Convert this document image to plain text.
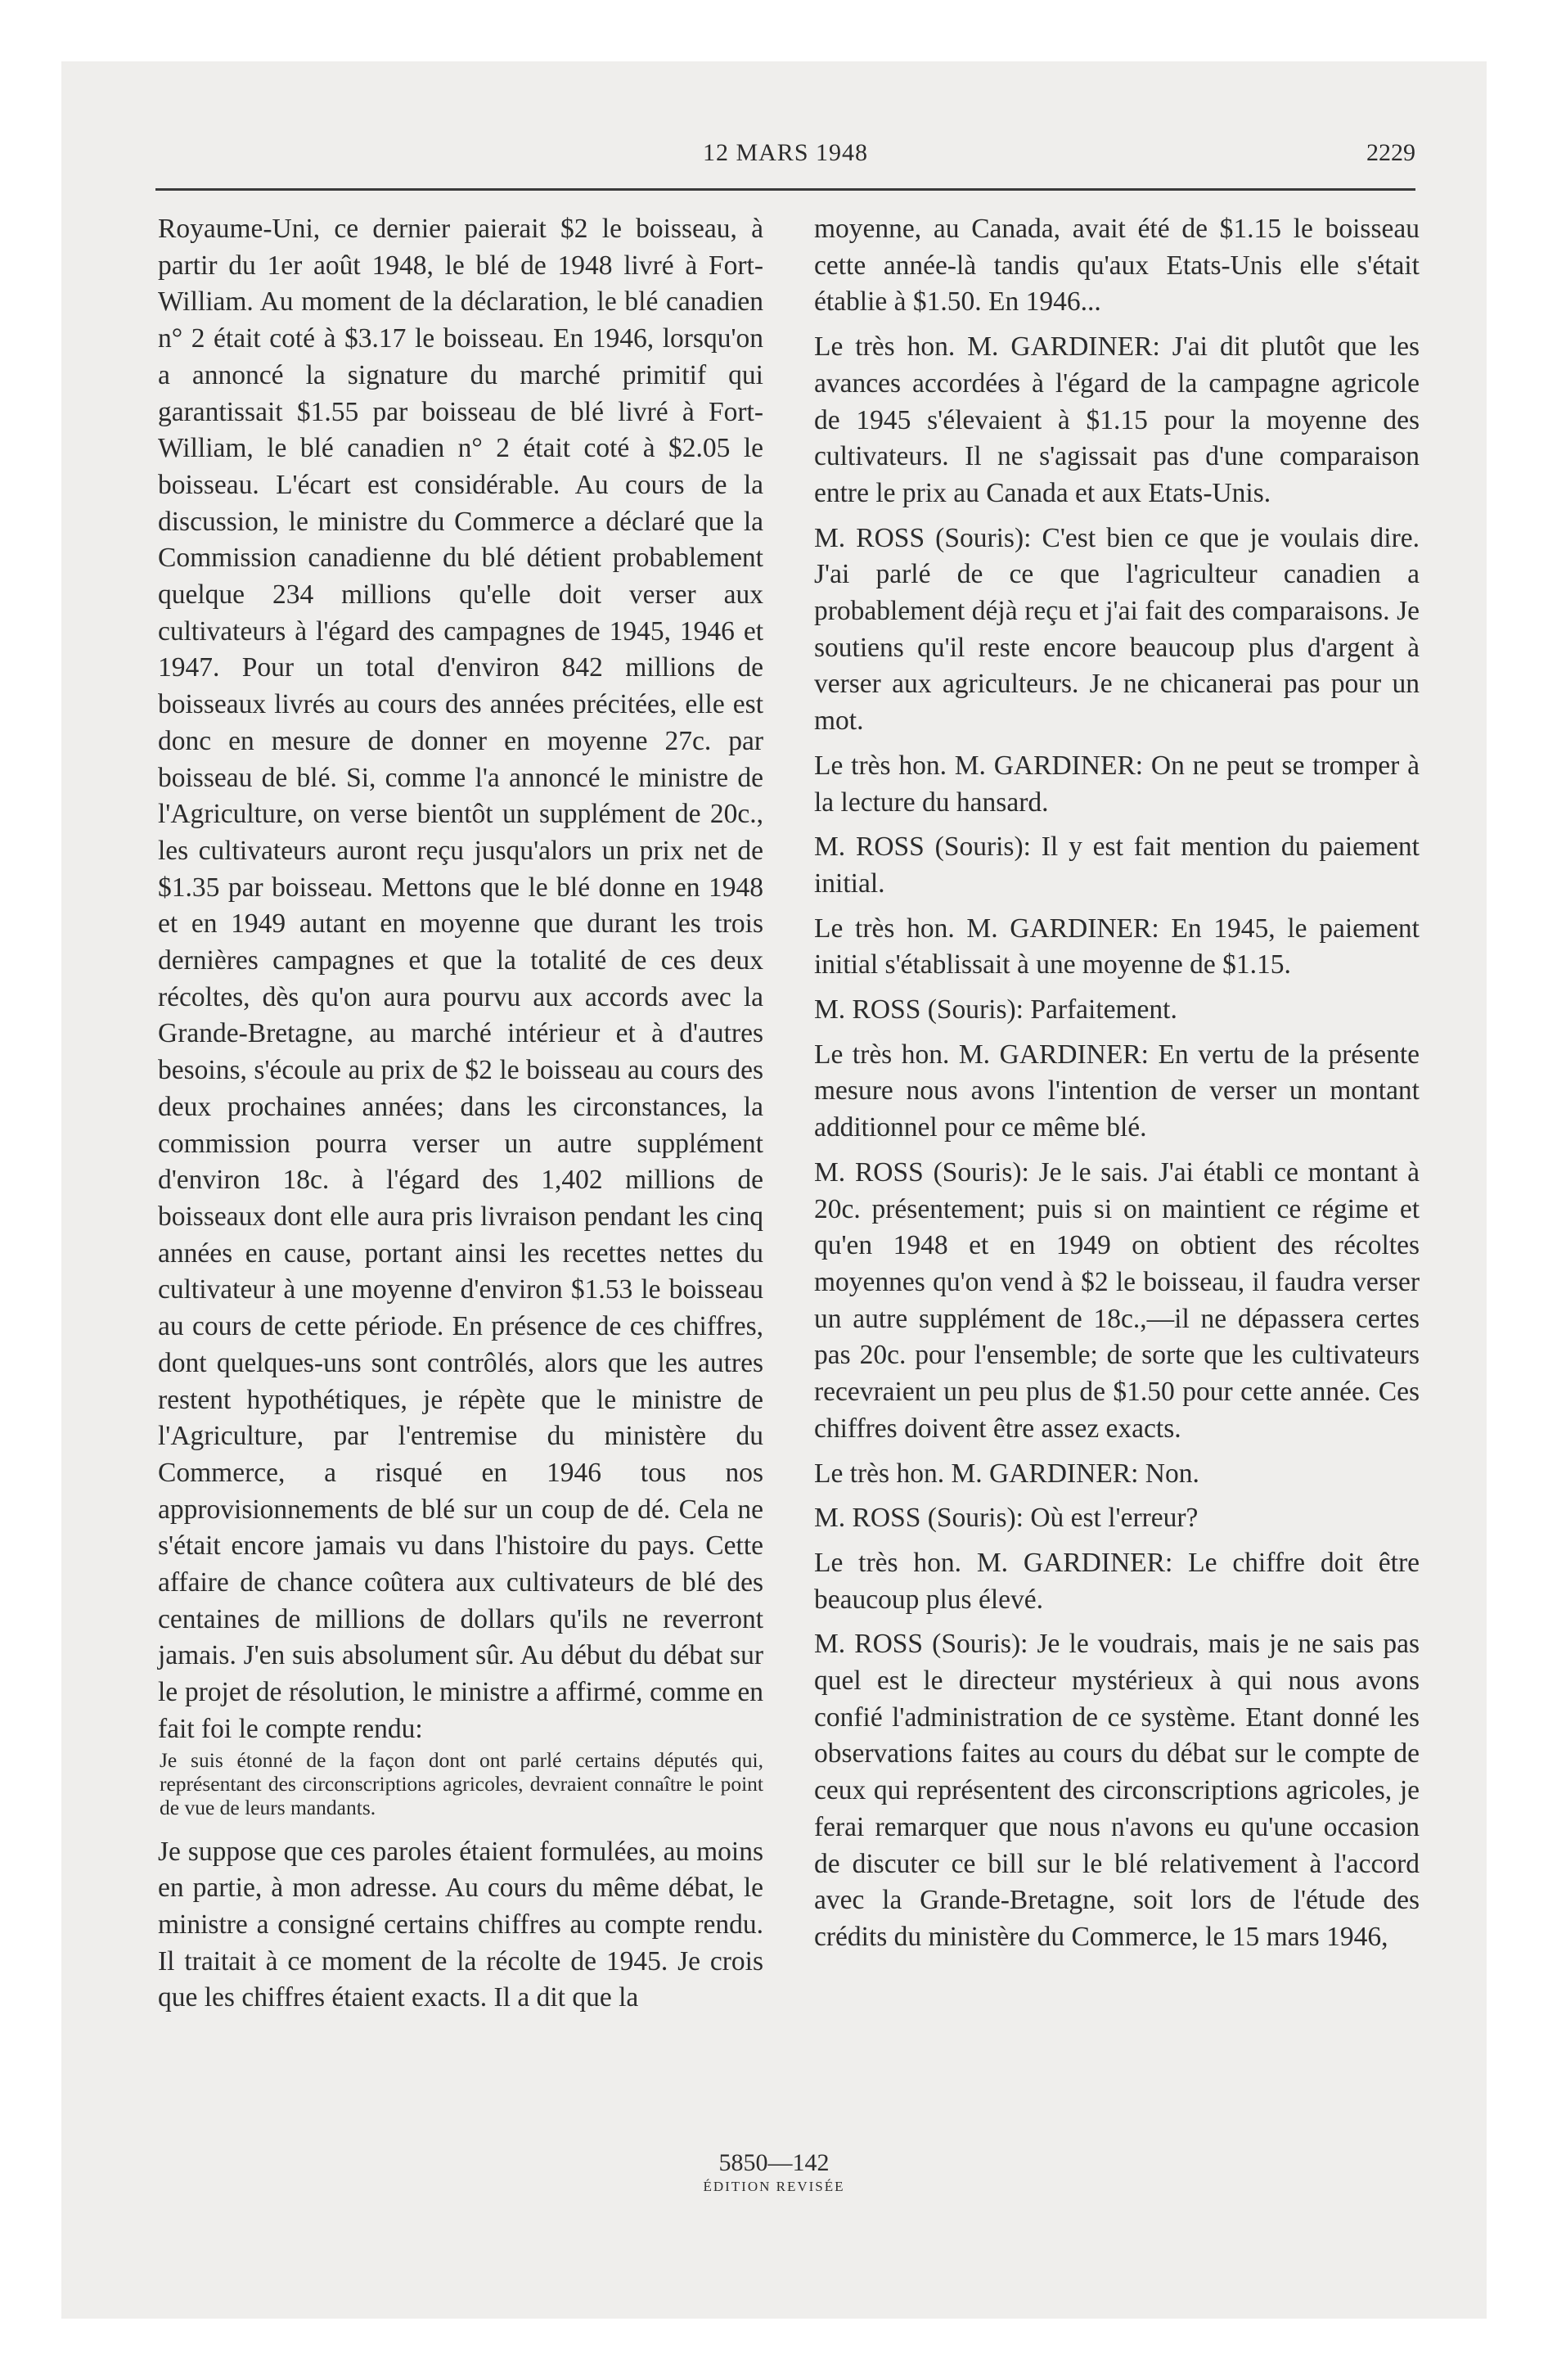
12 MARS 1948	2229

Royaume-Uni, ce dernier paierait $2 le boisseau, à partir du 1er août 1948, le blé de 1948 livré à Fort-William. Au moment de la déclaration, le blé canadien n° 2 était coté à $3.17 le boisseau. En 1946, lorsqu'on a annoncé la signature du marché primitif qui garantissait $1.55 par boisseau de blé livré à Fort-William, le blé canadien n° 2 était coté à $2.05 le boisseau. L'écart est considérable. Au cours de la discussion, le ministre du Commerce a déclaré que la Commission canadienne du blé détient probablement quelque 234 millions qu'elle doit verser aux cultivateurs à l'égard des campagnes de 1945, 1946 et 1947. Pour un total d'environ 842 millions de boisseaux livrés au cours des années précitées, elle est donc en mesure de donner en moyenne 27c. par boisseau de blé. Si, comme l'a annoncé le ministre de l'Agriculture, on verse bientôt un supplément de 20c., les cultivateurs auront reçu jusqu'alors un prix net de $1.35 par boisseau. Mettons que le blé donne en 1948 et en 1949 autant en moyenne que durant les trois dernières campagnes et que la totalité de ces deux récoltes, dès qu'on aura pourvu aux accords avec la Grande-Bretagne, au marché intérieur et à d'autres besoins, s'écoule au prix de $2 le boisseau au cours des deux prochaines années; dans les circonstances, la commission pourra verser un autre supplément d'environ 18c. à l'égard des 1,402 millions de boisseaux dont elle aura pris livraison pendant les cinq années en cause, portant ainsi les recettes nettes du cultivateur à une moyenne d'environ $1.53 le boisseau au cours de cette période. En présence de ces chiffres, dont quelques-uns sont contrôlés, alors que les autres restent hypothétiques, je répète que le ministre de l'Agriculture, par l'entremise du ministère du Commerce, a risqué en 1946 tous nos approvisionnements de blé sur un coup de dé. Cela ne s'était encore jamais vu dans l'histoire du pays. Cette affaire de chance coûtera aux cultivateurs de blé des centaines de millions de dollars qu'ils ne reverront jamais. J'en suis absolument sûr. Au début du débat sur le projet de résolution, le ministre a affirmé, comme en fait foi le compte rendu:

Je suis étonné de la façon dont ont parlé certains députés qui, représentant des circonscriptions agricoles, devraient connaître le point de vue de leurs mandants.

Je suppose que ces paroles étaient formulées, au moins en partie, à mon adresse. Au cours du même débat, le ministre a consigné certains chiffres au compte rendu. Il traitait à ce moment de la récolte de 1945. Je crois que les chiffres étaient exacts. Il a dit que la

moyenne, au Canada, avait été de $1.15 le boisseau cette année-là tandis qu'aux Etats-Unis elle s'était établie à $1.50. En 1946...

Le très hon. M. GARDINER: J'ai dit plutôt que les avances accordées à l'égard de la campagne agricole de 1945 s'élevaient à $1.15 pour la moyenne des cultivateurs. Il ne s'agissait pas d'une comparaison entre le prix au Canada et aux Etats-Unis.

M. ROSS (Souris): C'est bien ce que je voulais dire. J'ai parlé de ce que l'agriculteur canadien a probablement déjà reçu et j'ai fait des comparaisons. Je soutiens qu'il reste encore beaucoup plus d'argent à verser aux agriculteurs. Je ne chicanerai pas pour un mot.

Le très hon. M. GARDINER: On ne peut se tromper à la lecture du hansard.

M. ROSS (Souris): Il y est fait mention du paiement initial.

Le très hon. M. GARDINER: En 1945, le paiement initial s'établissait à une moyenne de $1.15.

M. ROSS (Souris): Parfaitement.

Le très hon. M. GARDINER: En vertu de la présente mesure nous avons l'intention de verser un montant additionnel pour ce même blé.

M. ROSS (Souris): Je le sais. J'ai établi ce montant à 20c. présentement; puis si on maintient ce régime et qu'en 1948 et en 1949 on obtient des récoltes moyennes qu'on vend à $2 le boisseau, il faudra verser un autre supplément de 18c.,—il ne dépassera certes pas 20c. pour l'ensemble; de sorte que les cultivateurs recevraient un peu plus de $1.50 pour cette année. Ces chiffres doivent être assez exacts.

Le très hon. M. GARDINER: Non.

M. ROSS (Souris): Où est l'erreur?

Le très hon. M. GARDINER: Le chiffre doit être beaucoup plus élevé.

M. ROSS (Souris): Je le voudrais, mais je ne sais pas quel est le directeur mystérieux à qui nous avons confié l'administration de ce système. Etant donné les observations faites au cours du débat sur le compte de ceux qui représentent des circonscriptions agricoles, je ferai remarquer que nous n'avons eu qu'une occasion de discuter ce bill sur le blé relativement à l'accord avec la Grande-Bretagne, soit lors de l'étude des crédits du ministère du Commerce, le 15 mars 1946,

5850—142
ÉDITION REVISÉE
